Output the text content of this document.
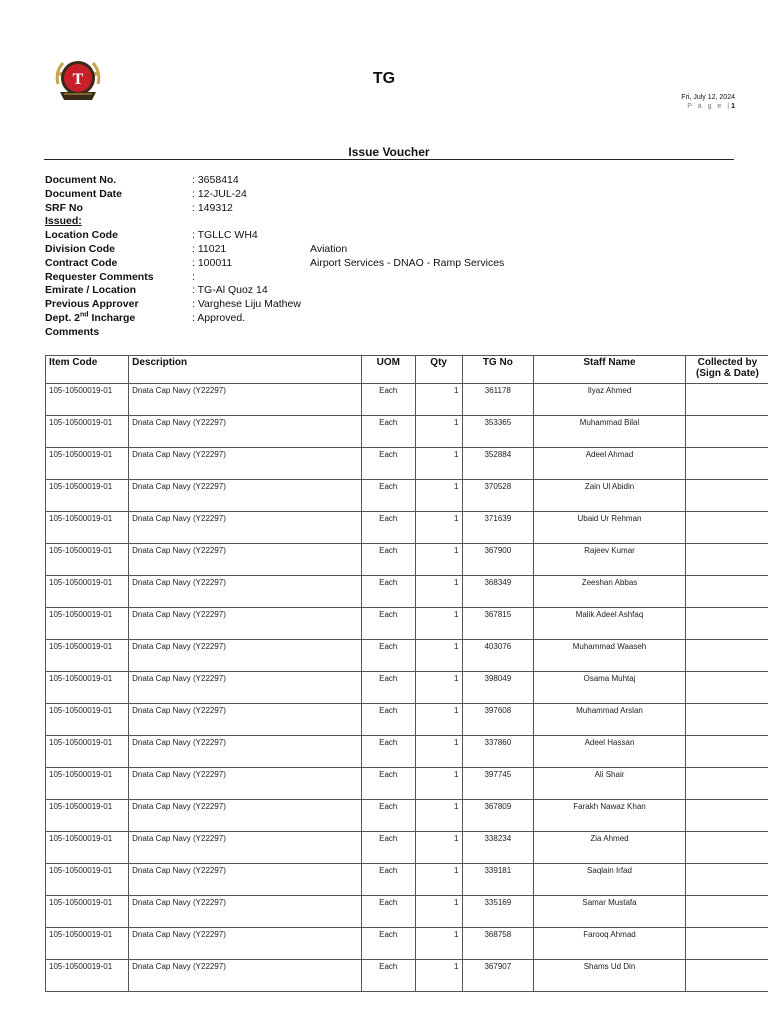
T	TG
Fri, July 12, 2024
P a g e |1
Issue Voucher
Document No.	: 3658414
Document Date	: 12-JUL-24
SRF No	: 149312
Issued:
Location Code	: TGLLC WH4
Division Code	: 11021	Aviation
Contract Code	: 100011	Airport Services - DNAO - Ramp Services
Requester Comments	:
Emirate / Location	: TG-Al Quoz 14
Previous Approver	: Varghese Liju Mathew
Dept. 2nd Incharge	: Approved.
Comments
Item Code	Description	UOM	Qty	TG No	Staff Name	Collected by
(Sign & Date)
105-10500019-01	Dnata Cap Navy (Y22297)	Each	1	361178	Ilyaz Ahmed	
105-10500019-01	Dnata Cap Navy (Y22297)	Each	1	353365	Muhammad Bilal	
105-10500019-01	Dnata Cap Navy (Y22297)	Each	1	352884	Adeel Ahmad	
105-10500019-01	Dnata Cap Navy (Y22297)	Each	1	370528	Zain Ul Abidin	
105-10500019-01	Dnata Cap Navy (Y22297)	Each	1	371639	Ubaid Ur Rehman	
105-10500019-01	Dnata Cap Navy (Y22297)	Each	1	367900	Rajeev Kumar	
105-10500019-01	Dnata Cap Navy (Y22297)	Each	1	368349	Zeeshan Abbas	
105-10500019-01	Dnata Cap Navy (Y22297)	Each	1	367815	Malik Adeel Ashfaq	
105-10500019-01	Dnata Cap Navy (Y22297)	Each	1	403076	Muhammad Waaseh	
105-10500019-01	Dnata Cap Navy (Y22297)	Each	1	398049	Osama Muhtaj	
105-10500019-01	Dnata Cap Navy (Y22297)	Each	1	397608	Muhammad Arslan	
105-10500019-01	Dnata Cap Navy (Y22297)	Each	1	337860	Adeel Hassan	
105-10500019-01	Dnata Cap Navy (Y22297)	Each	1	397745	Ali Shair	
105-10500019-01	Dnata Cap Navy (Y22297)	Each	1	367809	Farakh Nawaz Khan	
105-10500019-01	Dnata Cap Navy (Y22297)	Each	1	338234	Zia Ahmed	
105-10500019-01	Dnata Cap Navy (Y22297)	Each	1	339181	Saqlain Irfad	
105-10500019-01	Dnata Cap Navy (Y22297)	Each	1	335169	Samar Mustafa	
105-10500019-01	Dnata Cap Navy (Y22297)	Each	1	368758	Farooq Ahmad	
105-10500019-01	Dnata Cap Navy (Y22297)	Each	1	367907	Shams Ud Din	
